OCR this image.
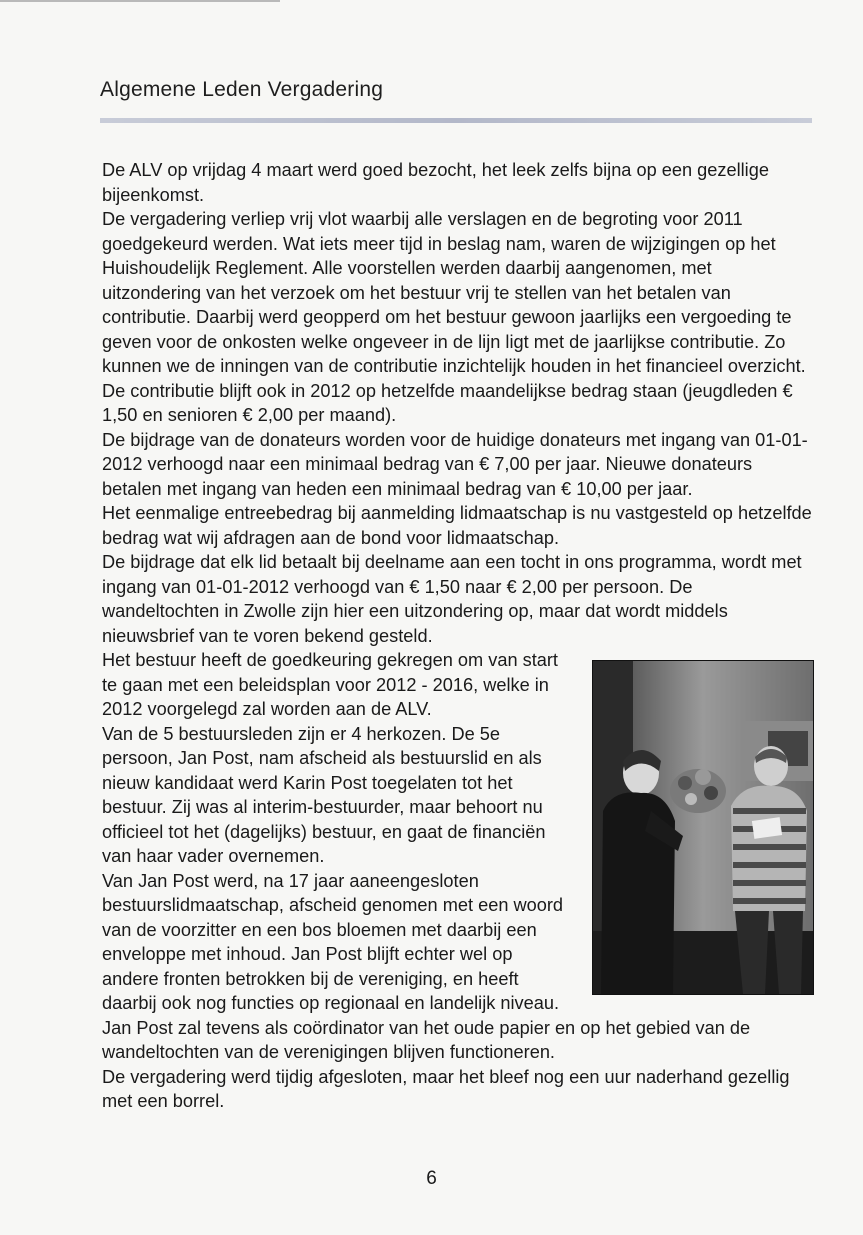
Algemene Leden Vergadering

De ALV op vrijdag 4 maart werd goed bezocht, het leek zelfs bijna op een gezellige bijeenkomst.

De vergadering verliep vrij vlot waarbij alle verslagen en de begroting voor 2011 goedgekeurd werden. Wat iets meer tijd in beslag nam, waren de wijzigingen op het Huishoudelijk Reglement. Alle voorstellen werden daarbij aangenomen, met uitzondering van het verzoek om het bestuur vrij te stellen van het betalen van contributie. Daarbij werd geopperd om het bestuur gewoon jaarlijks een vergoeding te geven voor de onkosten welke ongeveer in de lijn ligt met de jaarlijkse contributie. Zo kunnen we de inningen van de contributie inzichtelijk houden in het financieel overzicht.

De contributie blijft ook in 2012 op hetzelfde maandelijkse bedrag staan (jeugdleden € 1,50 en senioren € 2,00 per maand).

De bijdrage van de donateurs worden voor de huidige donateurs met ingang van 01-01-2012 verhoogd naar een minimaal bedrag van € 7,00 per jaar. Nieuwe donateurs betalen met ingang van heden een minimaal bedrag van € 10,00 per jaar.

Het eenmalige entreebedrag bij aanmelding lidmaatschap is nu vastgesteld op hetzelfde bedrag wat wij afdragen aan de bond voor lidmaatschap.

De bijdrage dat elk lid betaalt bij deelname aan een tocht in ons programma, wordt met ingang van 01-01-2012 verhoogd van € 1,50 naar € 2,00 per persoon. De wandeltochten in Zwolle zijn hier een uitzondering op, maar dat wordt middels nieuwsbrief van te voren bekend gesteld.

Het bestuur heeft de goedkeuring gekregen om van start te gaan met een beleidsplan voor 2012 - 2016, welke in 2012 voorgelegd zal worden aan de ALV.

Van de 5 bestuursleden zijn er 4 herkozen. De 5e persoon, Jan Post, nam afscheid als bestuurslid en als nieuw kandidaat werd Karin Post toegelaten tot het bestuur. Zij was al interim-bestuurder, maar behoort nu officieel tot het (dagelijks) bestuur, en gaat de financiën van haar vader overnemen.

Van Jan Post werd, na 17 jaar aaneengesloten bestuurslidmaatschap, afscheid genomen met een woord van de voorzitter en een bos bloemen met daarbij een enveloppe met inhoud. Jan Post blijft echter wel op andere fronten betrokken bij de vereniging, en heeft daarbij ook nog functies op regionaal en landelijk niveau. Jan Post zal tevens als coördinator van het oude papier en op het gebied van de wandeltochten van de verenigingen blijven functioneren.

De vergadering werd tijdig afgesloten, maar het bleef nog een uur naderhand gezellig met een borrel.

6
